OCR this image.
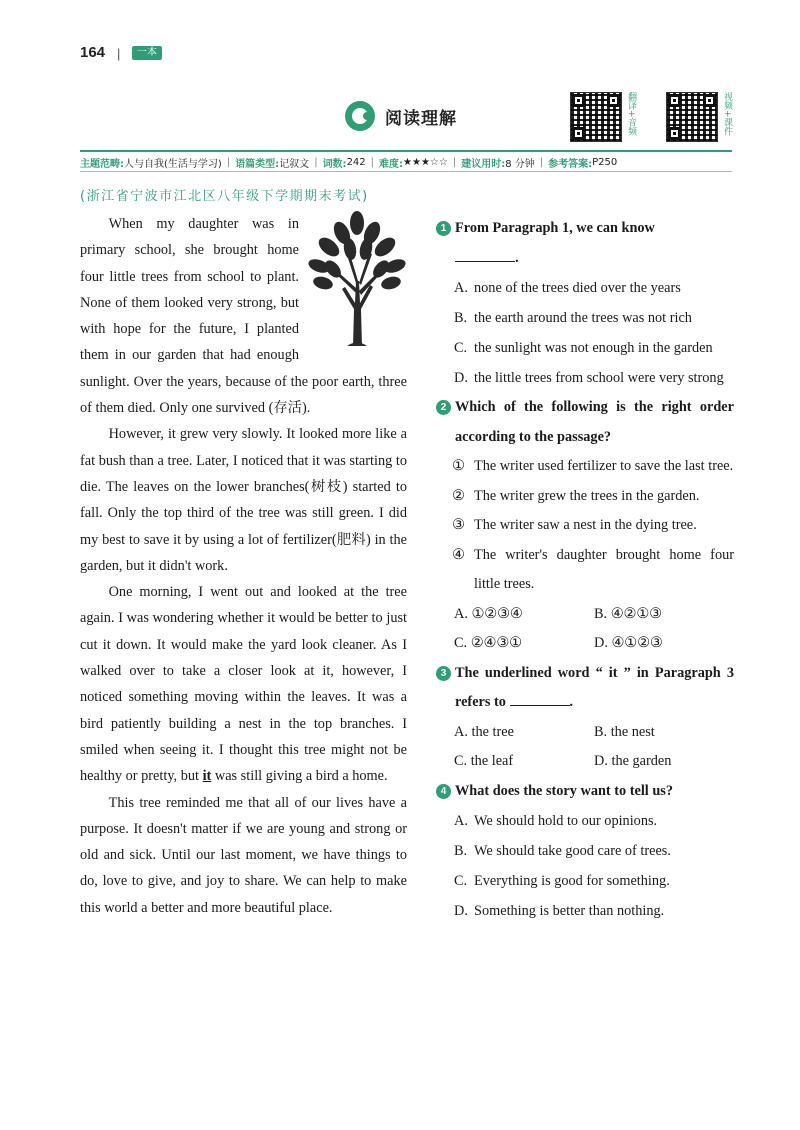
164 |	一本
阅读理解	翻译+音频	视频+课件
主题范畴: 人与自我(生活与学习) | 语篇类型: 记叙文 | 词数: 242 | 难度: ★★★☆☆ | 建议用时: 8 分钟 | 参考答案: P250
(浙江省宁波市江北区八年级下学期期末考试)
When my daughter was in primary school, she brought home four little trees from school to plant. None of them looked very strong, but with hope for the future, I planted them in our garden that had enough sunlight. Over the years, because of the poor earth, three of them died. Only one survived (存活).
However, it grew very slowly. It looked more like a fat bush than a tree. Later, I noticed that it was starting to die. The leaves on the lower branches(树枝) started to fall. Only the top third of the tree was still green. I did my best to save it by using a lot of fertilizer(肥料) in the garden, but it didn't work.
One morning, I went out and looked at the tree again. I was wondering whether it would be better to just cut it down. It would make the yard look cleaner. As I walked over to take a closer look at it, however, I noticed something moving within the leaves. It was a bird patiently building a nest in the top branches. I smiled when seeing it. I thought this tree might not be healthy or pretty, but it was still giving a bird a home.
This tree reminded me that all of our lives have a purpose. It doesn't matter if we are young and strong or old and sick. Until our last moment, we have things to do, love to give, and joy to share. We can help to make this world a better and more beautiful place.
1 From Paragraph 1, we can know
.
A. none of the trees died over the years
B. the earth around the trees was not rich
C. the sunlight was not enough in the garden
D. the little trees from school were very strong
2 Which of the following is the right order according to the passage?
① The writer used fertilizer to save the last tree.
② The writer grew the trees in the garden.
③ The writer saw a nest in the dying tree.
④ The writer's daughter brought home four little trees.
A. ①②③④	B. ④②①③
C. ②④③①	D. ④①②③
3 The underlined word “ it ” in Paragraph 3 refers to	.
A. the tree	B. the nest
C. the leaf	D. the garden
4 What does the story want to tell us?
A. We should hold to our opinions.
B. We should take good care of trees.
C. Everything is good for something.
D. Something is better than nothing.
